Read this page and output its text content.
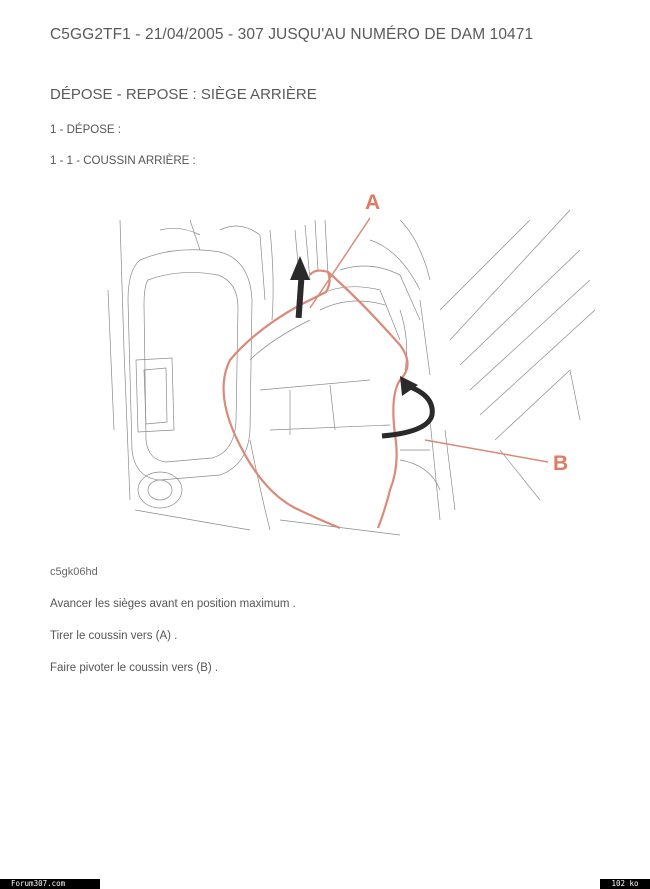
C5GG2TF1 - 21/04/2005 - 307 JUSQU'AU NUMÉRO DE DAM 10471
DÉPOSE - REPOSE : SIÈGE ARRIÈRE
1 - DÉPOSE :
1 - 1 - COUSSIN ARRIÈRE :
A
B
c5gk06hd
Avancer les sièges avant en position maximum .
Tirer le coussin vers (A) .
Faire pivoter le coussin vers (B) .
Forum307.com	102 ko
